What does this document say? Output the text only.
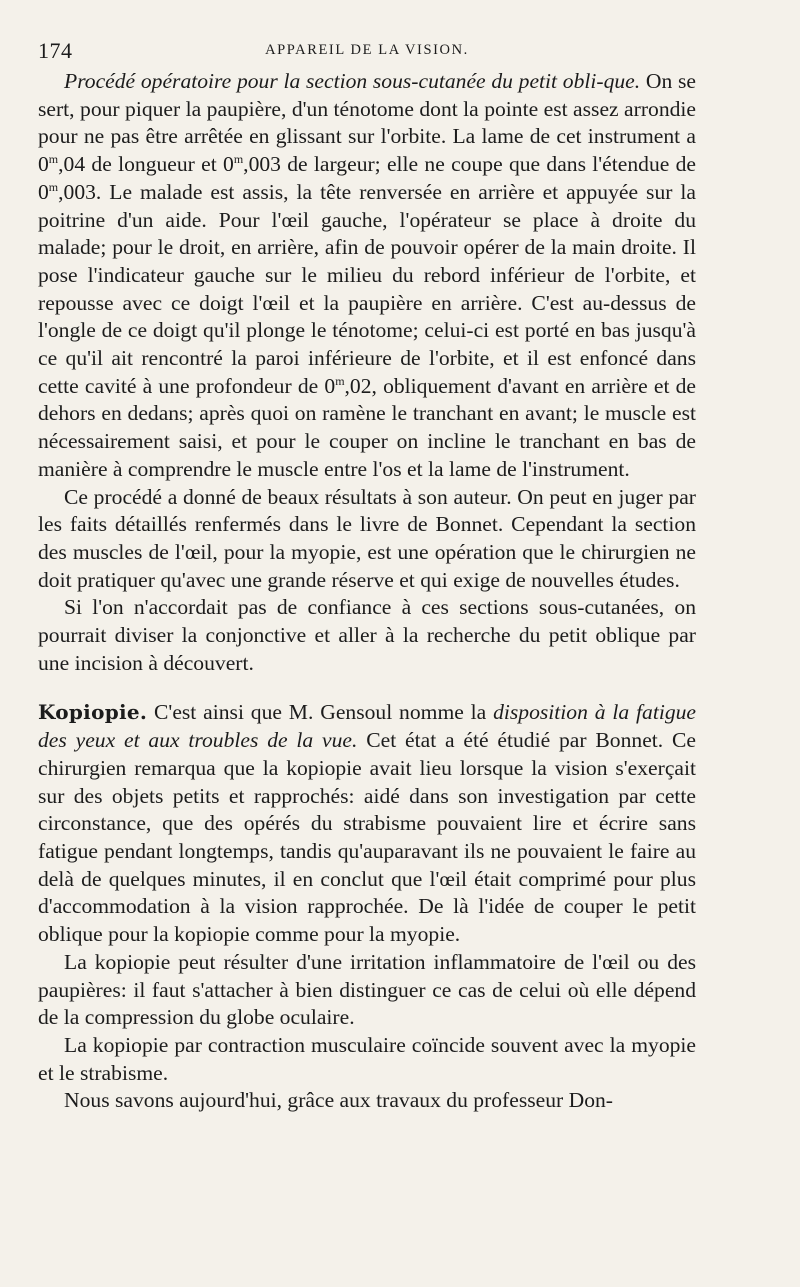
174	APPAREIL DE LA VISION.

Procédé opératoire pour la section sous-cutanée du petit obli-que. On se sert, pour piquer la paupière, d'un ténotome dont la pointe est assez arrondie pour ne pas être arrêtée en glissant sur l'orbite. La lame de cet instrument a 0$^m$,04 de longueur et 0$^m$,003 de largeur; elle ne coupe que dans l'étendue de 0$^m$,003. Le malade est assis, la tête renversée en arrière et appuyée sur la poitrine d'un aide. Pour l'œil gauche, l'opérateur se place à droite du malade; pour le droit, en arrière, afin de pouvoir opérer de la main droite. Il pose l'indicateur gauche sur le milieu du rebord inférieur de l'orbite, et repousse avec ce doigt l'œil et la paupière en arrière. C'est au-dessus de l'ongle de ce doigt qu'il plonge le ténotome; celui-ci est porté en bas jusqu'à ce qu'il ait rencontré la paroi inférieure de l'orbite, et il est enfoncé dans cette cavité à une profondeur de 0$^m$,02, obliquement d'avant en arrière et de dehors en dedans; après quoi on ramène le tranchant en avant; le muscle est nécessairement saisi, et pour le couper on incline le tranchant en bas de manière à comprendre le muscle entre l'os et la lame de l'instrument.

Ce procédé a donné de beaux résultats à son auteur. On peut en juger par les faits détaillés renfermés dans le livre de Bonnet. Cependant la section des muscles de l'œil, pour la myopie, est une opération que le chirurgien ne doit pratiquer qu'avec une grande réserve et qui exige de nouvelles études.

Si l'on n'accordait pas de confiance à ces sections sous-cutanées, on pourrait diviser la conjonctive et aller à la recherche du petit oblique par une incision à découvert.

Kopiopie. C'est ainsi que M. Gensoul nomme la disposition à la fatigue des yeux et aux troubles de la vue. Cet état a été étudié par Bonnet. Ce chirurgien remarqua que la kopiopie avait lieu lorsque la vision s'exerçait sur des objets petits et rapprochés: aidé dans son investigation par cette circonstance, que des opérés du strabisme pouvaient lire et écrire sans fatigue pendant longtemps, tandis qu'auparavant ils ne pouvaient le faire au delà de quelques minutes, il en conclut que l'œil était comprimé pour plus d'accommodation à la vision rapprochée. De là l'idée de couper le petit oblique pour la kopiopie comme pour la myopie.

La kopiopie peut résulter d'une irritation inflammatoire de l'œil ou des paupières: il faut s'attacher à bien distinguer ce cas de celui où elle dépend de la compression du globe oculaire.

La kopiopie par contraction musculaire coïncide souvent avec la myopie et le strabisme.

Nous savons aujourd'hui, grâce aux travaux du professeur Don-
